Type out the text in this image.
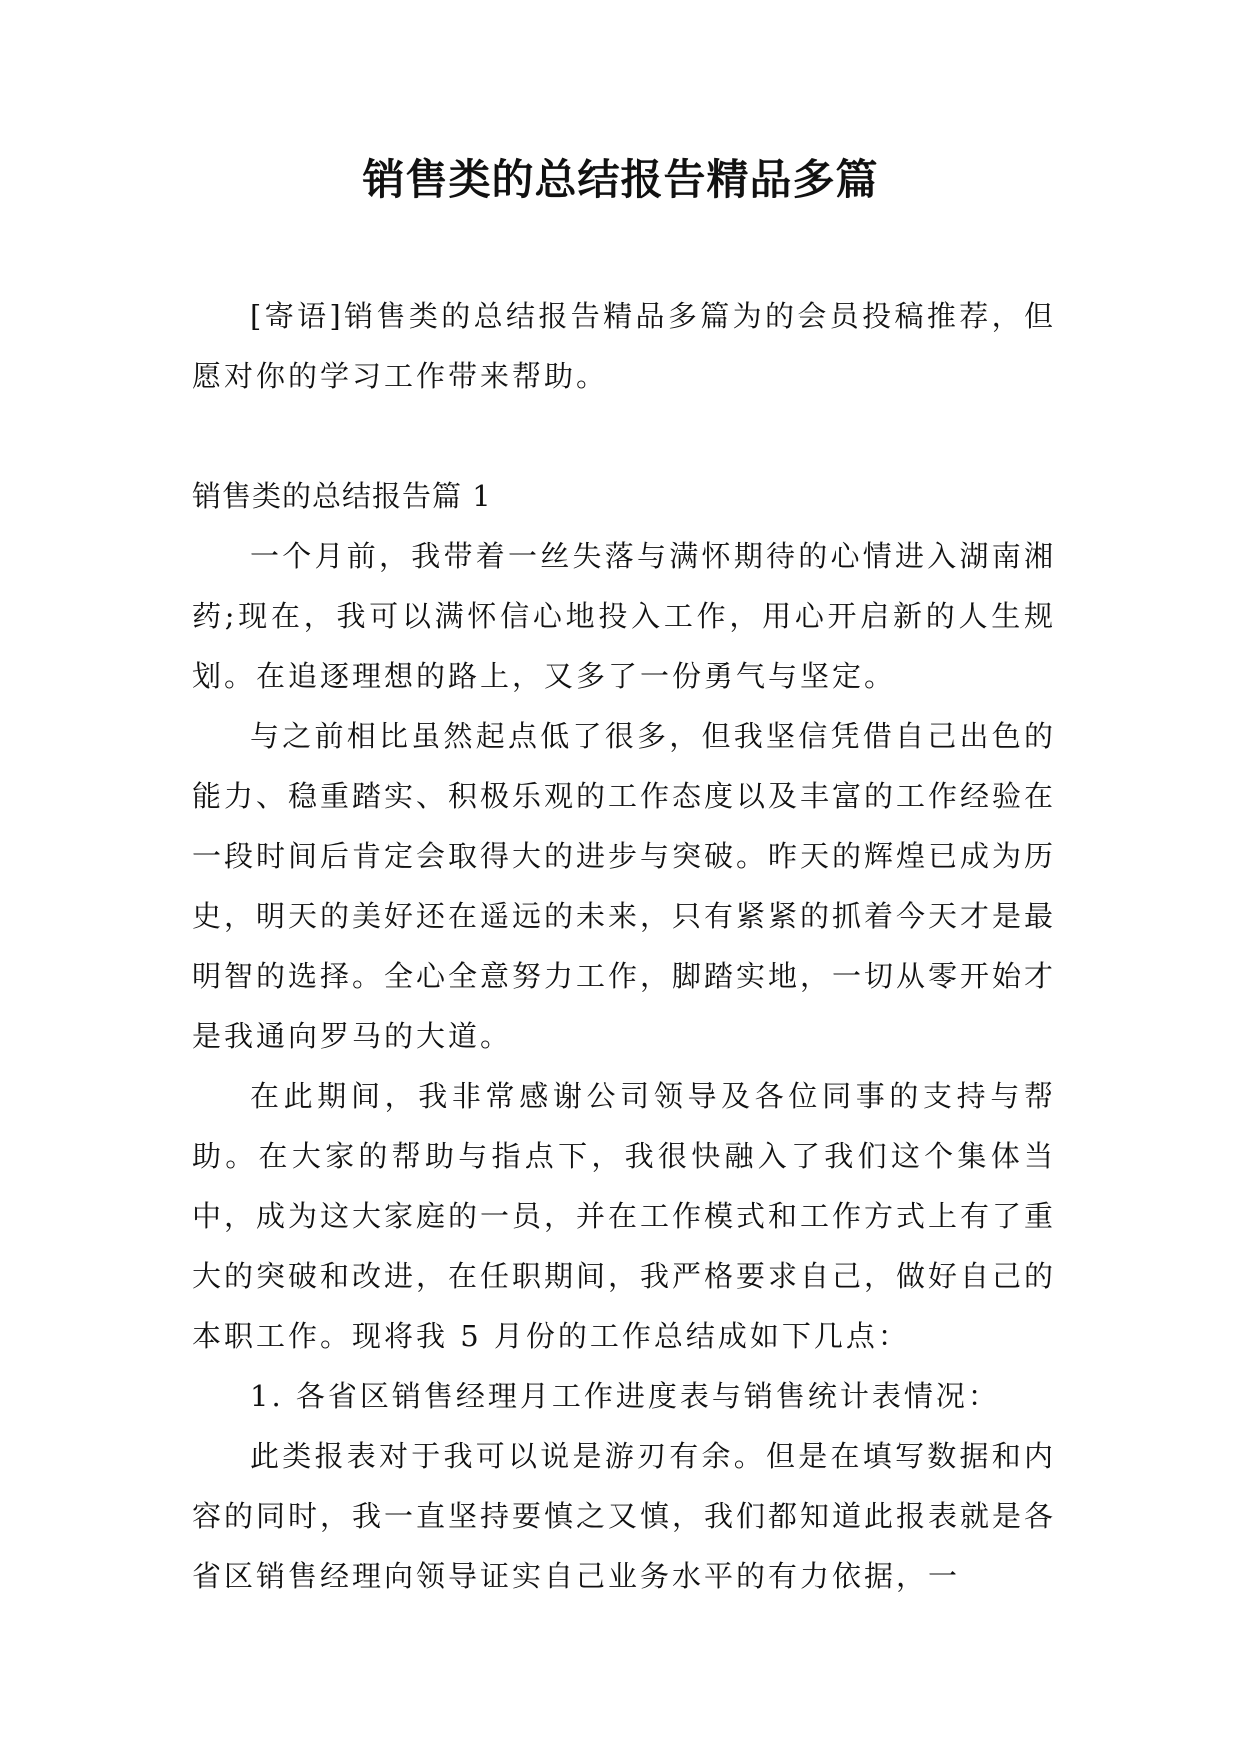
销售类的总结报告精品多篇

[寄语]销售类的总结报告精品多篇为的会员投稿推荐，但愿对你的学习工作带来帮助。

销售类的总结报告篇 1

一个月前，我带着一丝失落与满怀期待的心情进入湖南湘药;现在，我可以满怀信心地投入工作，用心开启新的人生规划。在追逐理想的路上，又多了一份勇气与坚定。

与之前相比虽然起点低了很多，但我坚信凭借自己出色的能力、稳重踏实、积极乐观的工作态度以及丰富的工作经验在一段时间后肯定会取得大的进步与突破。昨天的辉煌已成为历史，明天的美好还在遥远的未来，只有紧紧的抓着今天才是最明智的选择。全心全意努力工作，脚踏实地，一切从零开始才是我通向罗马的大道。

在此期间，我非常感谢公司领导及各位同事的支持与帮助。在大家的帮助与指点下，我很快融入了我们这个集体当中，成为这大家庭的一员，并在工作模式和工作方式上有了重大的突破和改进，在任职期间，我严格要求自己，做好自己的本职工作。现将我 5 月份的工作总结成如下几点：

1. 各省区销售经理月工作进度表与销售统计表情况：

此类报表对于我可以说是游刃有余。但是在填写数据和内容的同时，我一直坚持要慎之又慎，我们都知道此报表就是各省区销售经理向领导证实自己业务水平的有力依据，一
